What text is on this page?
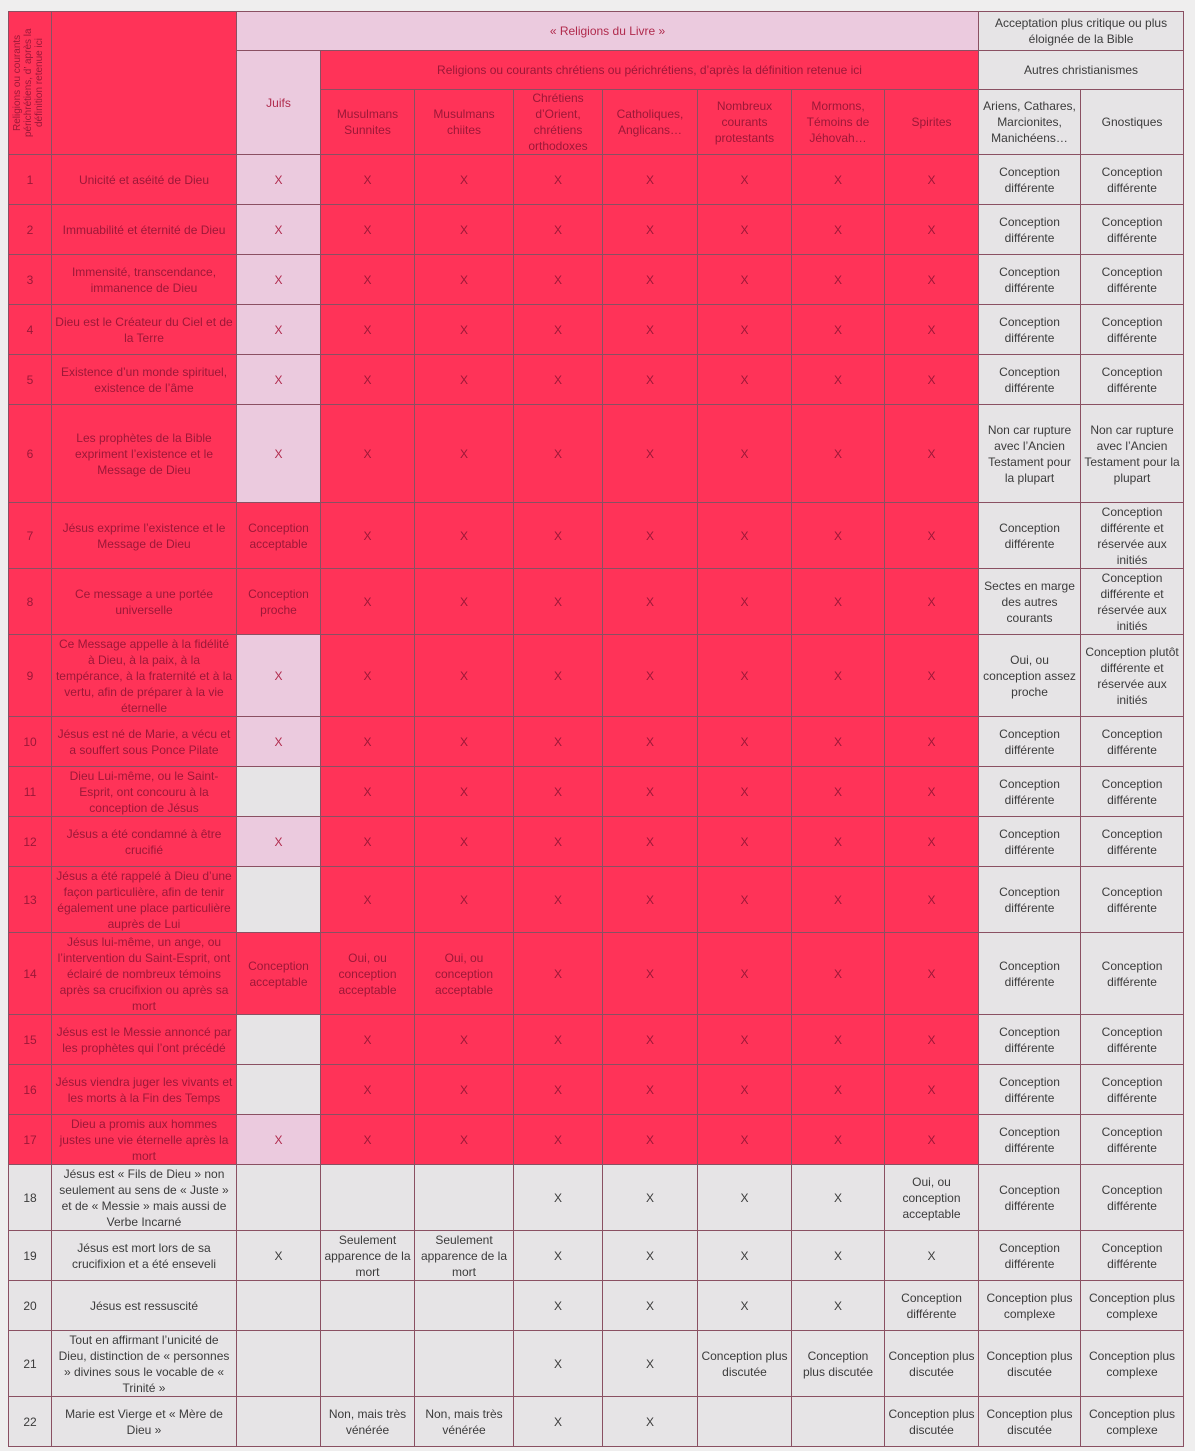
Religions ou courants périchrétiens, d’ après la définition retenue ici		« Religions du Livre »								Acceptation plus critique ou plus éloignée de la Bible	
		Juifs	Religions ou courants chrétiens ou périchrétiens, d’après la définition retenue ici							Autres christianismes	
			Musulmans Sunnites	Musulmans chiites	Chrétiens d’Orient, chrétiens orthodoxes	Catholiques, Anglicans…	Nombreux courants protestants	Mormons, Témoins de Jéhovah…	Spirites	Ariens, Cathares, Marcionites, Manichéens…	Gnostiques
1	Unicité et aséité de Dieu	X	X	X	X	X	X	X	X	Conception différente	Conception différente
2	Immuabilité et éternité de Dieu	X	X	X	X	X	X	X	X	Conception différente	Conception différente
3	Immensité, transcendance, immanence de Dieu	X	X	X	X	X	X	X	X	Conception différente	Conception différente
4	Dieu est le Créateur du Ciel et de la Terre	X	X	X	X	X	X	X	X	Conception différente	Conception différente
5	Existence d’un monde spirituel, existence de l’âme	X	X	X	X	X	X	X	X	Conception différente	Conception différente
6	Les prophètes de la Bible expriment l’existence et le Message de Dieu	X	X	X	X	X	X	X	X	Non car rupture avec l’Ancien Testament pour la plupart	Non car rupture avec l’Ancien Testament pour la plupart
7	Jésus exprime l’existence et le Message de Dieu	Conception acceptable	X	X	X	X	X	X	X	Conception différente	Conception différente et réservée aux initiés
8	Ce message a une portée universelle	Conception proche	X	X	X	X	X	X	X	Sectes en marge des autres courants	Conception différente et réservée aux initiés
9	Ce Message appelle à la fidélité à Dieu, à la paix, à la tempérance, à la fraternité et à la vertu, afin de préparer à la vie éternelle	X	X	X	X	X	X	X	X	Oui, ou conception assez proche	Conception plutôt différente et réservée aux initiés
10	Jésus est né de Marie, a vécu et a souffert sous Ponce Pilate	X	X	X	X	X	X	X	X	Conception différente	Conception différente
11	Dieu Lui-même, ou le Saint-Esprit, ont concouru à la conception de Jésus		X	X	X	X	X	X	X	Conception différente	Conception différente
12	Jésus a été condamné à être crucifié	X	X	X	X	X	X	X	X	Conception différente	Conception différente
13	Jésus a été rappelé à Dieu d’une façon particulière, afin de tenir également une place particulière auprès de Lui		X	X	X	X	X	X	X	Conception différente	Conception différente
14	Jésus lui-même, un ange, ou l’intervention du Saint-Esprit, ont éclairé de nombreux témoins après sa crucifixion ou après sa mort	Conception acceptable	Oui, ou conception acceptable	Oui, ou conception acceptable	X	X	X	X	X	Conception différente	Conception différente
15	Jésus est le Messie annoncé par les prophètes qui l’ont précédé		X	X	X	X	X	X	X	Conception différente	Conception différente
16	Jésus viendra juger les vivants et les morts à la Fin des Temps		X	X	X	X	X	X	X	Conception différente	Conception différente
17	Dieu a promis aux hommes justes une vie éternelle après la mort	X	X	X	X	X	X	X	X	Conception différente	Conception différente
18	Jésus est « Fils de Dieu » non seulement au sens de « Juste » et de « Messie » mais aussi de Verbe Incarné				X	X	X	X	Oui, ou conception acceptable	Conception différente	Conception différente
19	Jésus est mort lors de sa crucifixion et a été enseveli	X	Seulement apparence de la mort	Seulement apparence de la mort	X	X	X	X	X	Conception différente	Conception différente
20	Jésus est ressuscité				X	X	X	X	Conception différente	Conception plus complexe	Conception plus complexe
21	Tout en affirmant l’unicité de Dieu, distinction de « personnes » divines sous le vocable de « Trinité »				X	X	Conception plus discutée	Conception plus discutée	Conception plus discutée	Conception plus discutée	Conception plus complexe
22	Marie est Vierge et « Mère de Dieu »		Non, mais très vénérée	Non, mais très vénérée	X	X			Conception plus discutée	Conception plus discutée	Conception plus complexe
